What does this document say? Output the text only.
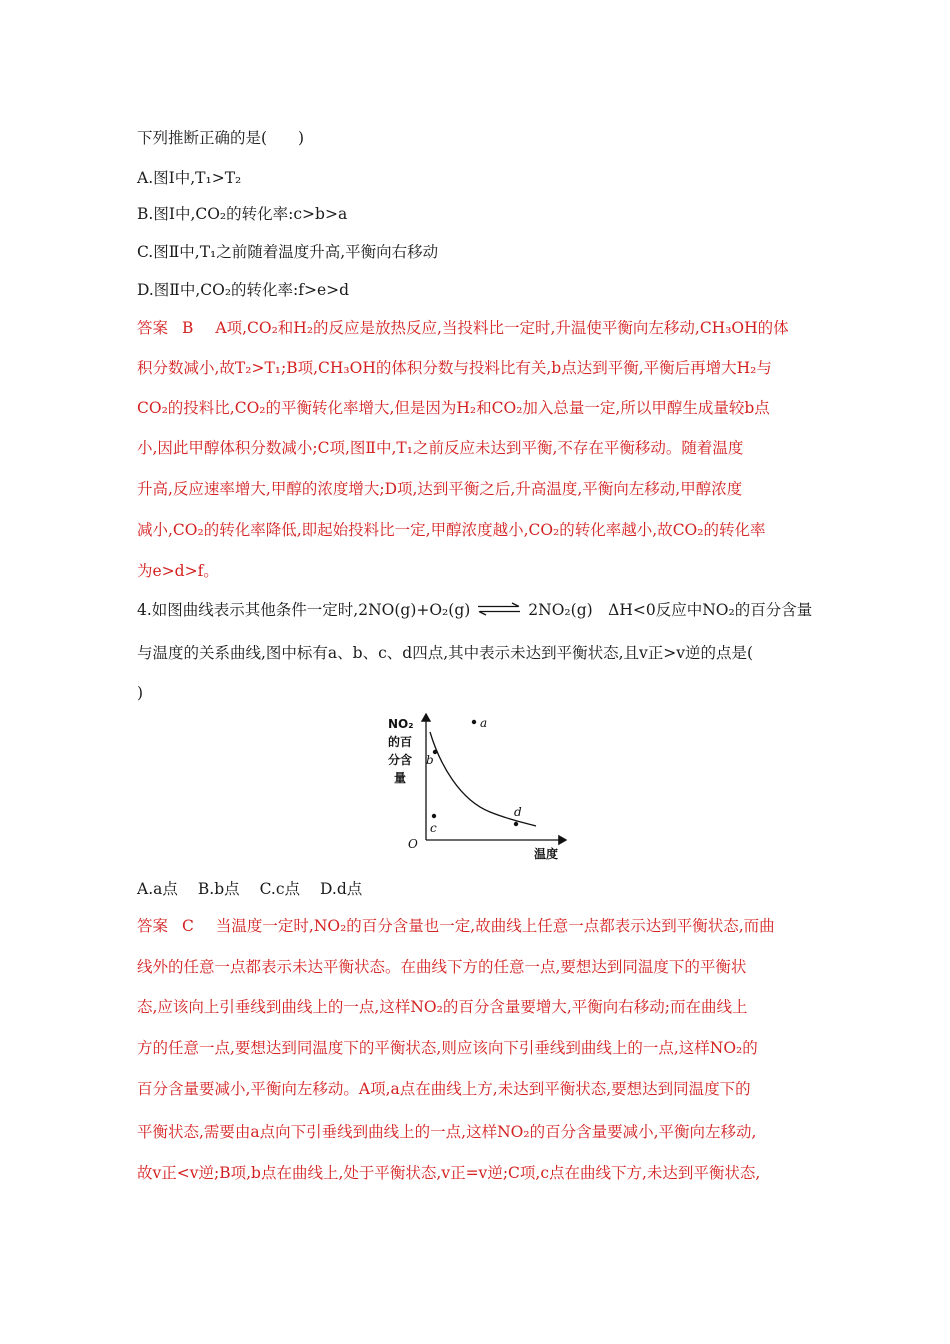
下列推断正确的是(　　)
A.图Ⅰ中,T₁>T₂
B.图Ⅰ中,CO₂的转化率:c>b>a
C.图Ⅱ中,T₁之前随着温度升高,平衡向右移动
D.图Ⅱ中,CO₂的转化率:f>e>d
答案 B A项,CO₂和H₂的反应是放热反应,当投料比一定时,升温使平衡向左移动,CH₃OH的体
积分数减小,故T₂>T₁;B项,CH₃OH的体积分数与投料比有关,b点达到平衡,平衡后再增大H₂与
CO₂的投料比,CO₂的平衡转化率增大,但是因为H₂和CO₂加入总量一定,所以甲醇生成量较b点
小,因此甲醇体积分数减小;C项,图Ⅱ中,T₁之前反应未达到平衡,不存在平衡移动。随着温度
升高,反应速率增大,甲醇的浓度增大;D项,达到平衡之后,升高温度,平衡向左移动,甲醇浓度
减小,CO₂的转化率降低,即起始投料比一定,甲醇浓度越小,CO₂的转化率越小,故CO₂的转化率
为e>d>f。
4.如图曲线表示其他条件一定时,2NO(g)+O₂(g) ⇌ 2NO₂(g)　ΔH<0反应中NO₂的百分含量
与温度的关系曲线,图中标有a、b、c、d四点,其中表示未达到平衡状态,且v正>v逆的点是(
)
NO₂
的百
分含
量
温度
O
a
b
c
d
A.a点 B.b点 C.c点 D.d点
答案 C 当温度一定时,NO₂的百分含量也一定,故曲线上任意一点都表示达到平衡状态,而曲
线外的任意一点都表示未达平衡状态。在曲线下方的任意一点,要想达到同温度下的平衡状
态,应该向上引垂线到曲线上的一点,这样NO₂的百分含量要增大,平衡向右移动;而在曲线上
方的任意一点,要想达到同温度下的平衡状态,则应该向下引垂线到曲线上的一点,这样NO₂的
百分含量要减小,平衡向左移动。A项,a点在曲线上方,未达到平衡状态,要想达到同温度下的
平衡状态,需要由a点向下引垂线到曲线上的一点,这样NO₂的百分含量要减小,平衡向左移动,
故v正<v逆;B项,b点在曲线上,处于平衡状态,v正=v逆;C项,c点在曲线下方,未达到平衡状态,
